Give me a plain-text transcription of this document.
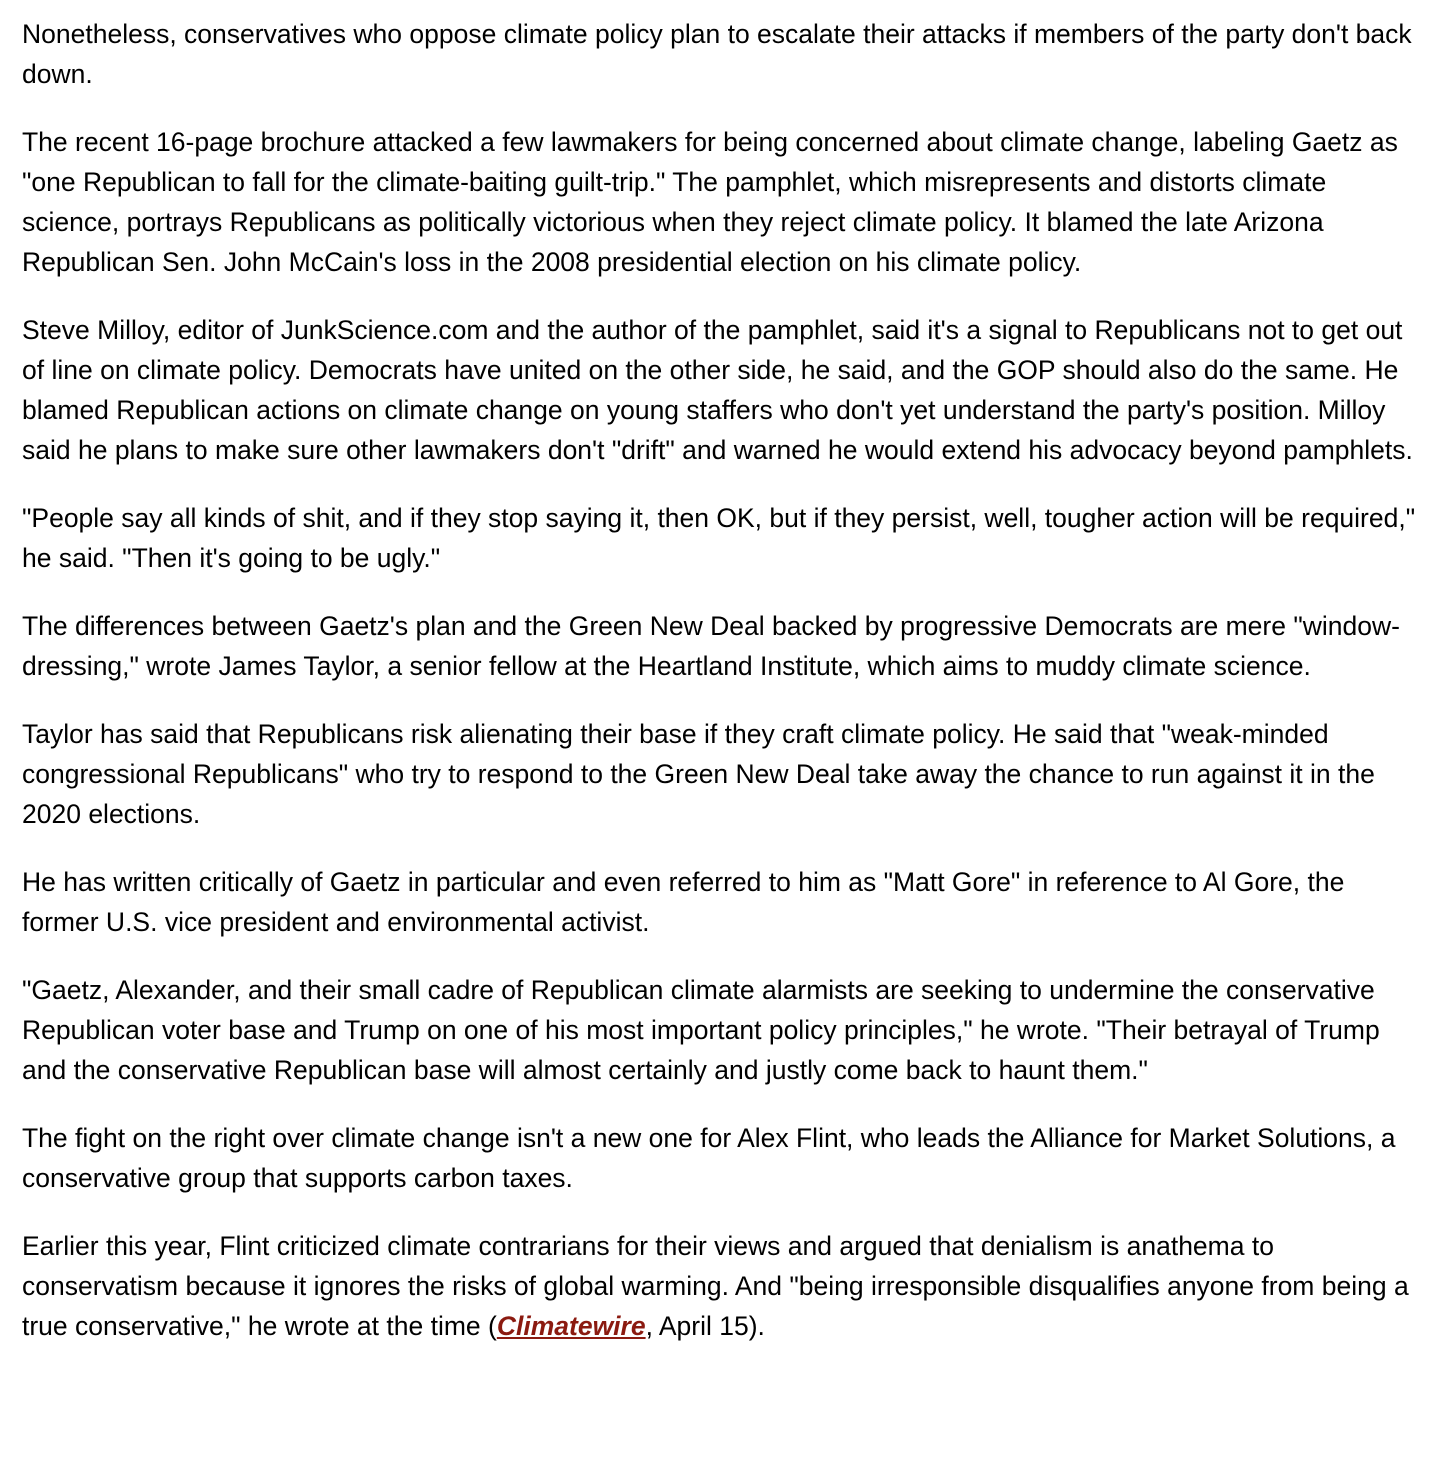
Nonetheless, conservatives who oppose climate policy plan to escalate their attacks if members of the party don't back down.

The recent 16-page brochure attacked a few lawmakers for being concerned about climate change, labeling Gaetz as "one Republican to fall for the climate-baiting guilt-trip." The pamphlet, which misrepresents and distorts climate science, portrays Republicans as politically victorious when they reject climate policy. It blamed the late Arizona Republican Sen. John McCain's loss in the 2008 presidential election on his climate policy.

Steve Milloy, editor of JunkScience.com and the author of the pamphlet, said it's a signal to Republicans not to get out of line on climate policy. Democrats have united on the other side, he said, and the GOP should also do the same. He blamed Republican actions on climate change on young staffers who don't yet understand the party's position. Milloy said he plans to make sure other lawmakers don't "drift" and warned he would extend his advocacy beyond pamphlets.

"People say all kinds of shit, and if they stop saying it, then OK, but if they persist, well, tougher action will be required," he said. "Then it's going to be ugly."

The differences between Gaetz's plan and the Green New Deal backed by progressive Democrats are mere "window-dressing," wrote James Taylor, a senior fellow at the Heartland Institute, which aims to muddy climate science.

Taylor has said that Republicans risk alienating their base if they craft climate policy. He said that "weak-minded congressional Republicans" who try to respond to the Green New Deal take away the chance to run against it in the 2020 elections.

He has written critically of Gaetz in particular and even referred to him as "Matt Gore" in reference to Al Gore, the former U.S. vice president and environmental activist.

"Gaetz, Alexander, and their small cadre of Republican climate alarmists are seeking to undermine the conservative Republican voter base and Trump on one of his most important policy principles," he wrote. "Their betrayal of Trump and the conservative Republican base will almost certainly and justly come back to haunt them."

The fight on the right over climate change isn't a new one for Alex Flint, who leads the Alliance for Market Solutions, a conservative group that supports carbon taxes.

Earlier this year, Flint criticized climate contrarians for their views and argued that denialism is anathema to conservatism because it ignores the risks of global warming. And "being irresponsible disqualifies anyone from being a true conservative," he wrote at the time (Climatewire, April 15).
